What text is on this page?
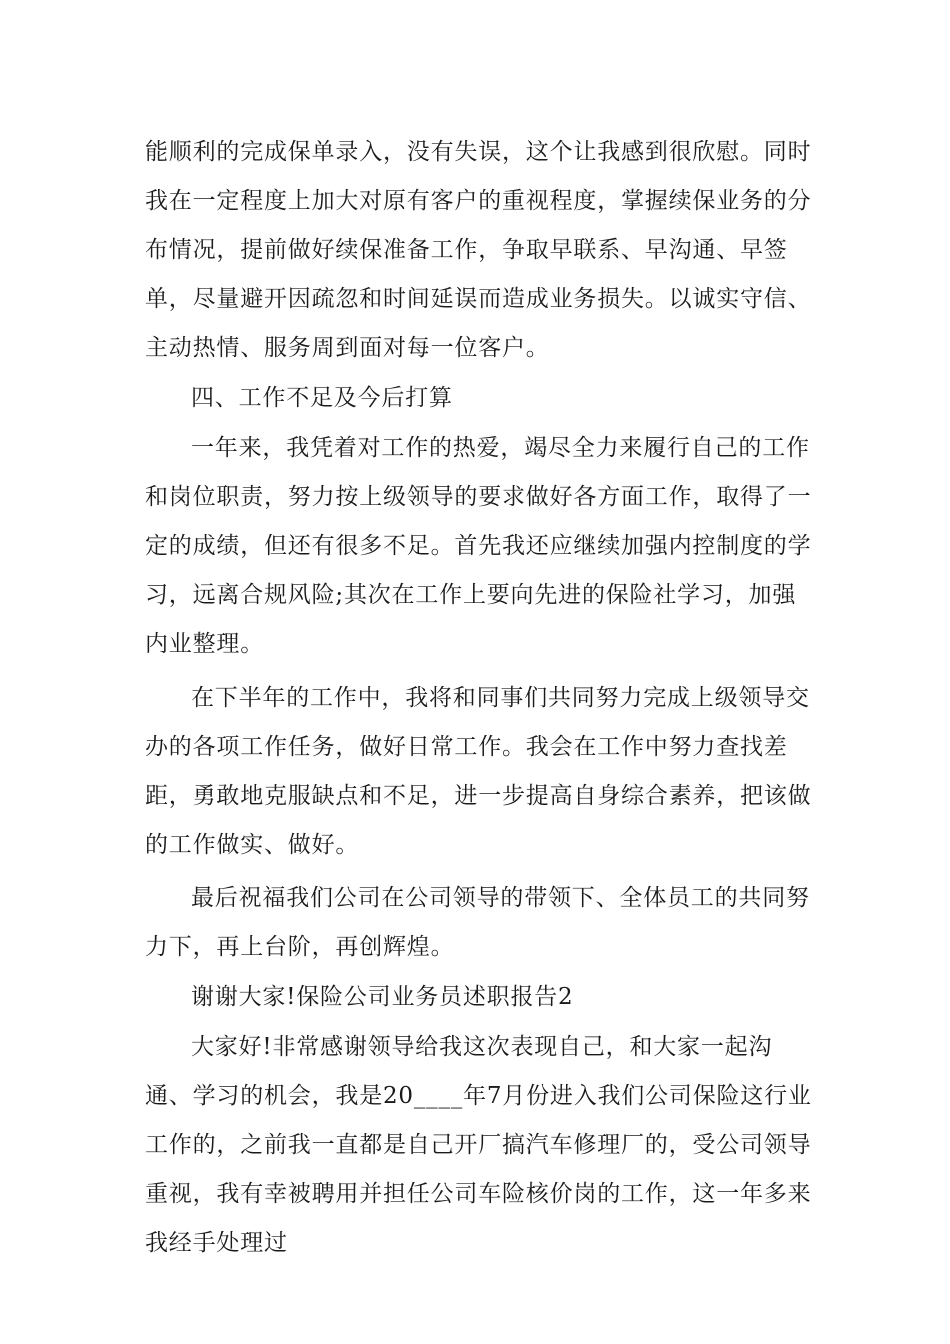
能顺利的完成保单录入，没有失误，这个让我感到很欣慰。同时我在一定程度上加大对原有客户的重视程度，掌握续保业务的分布情况，提前做好续保准备工作，争取早联系、早沟通、早签单，尽量避开因疏忽和时间延误而造成业务损失。以诚实守信、主动热情、服务周到面对每一位客户。

四、工作不足及今后打算

一年来，我凭着对工作的热爱，竭尽全力来履行自己的工作和岗位职责，努力按上级领导的要求做好各方面工作，取得了一定的成绩，但还有很多不足。首先我还应继续加强内控制度的学习，远离合规风险;其次在工作上要向先进的保险社学习，加强内业整理。

在下半年的工作中，我将和同事们共同努力完成上级领导交办的各项工作任务，做好日常工作。我会在工作中努力查找差距，勇敢地克服缺点和不足，进一步提高自身综合素养，把该做的工作做实、做好。

最后祝福我们公司在公司领导的带领下、全体员工的共同努力下，再上台阶，再创辉煌。

谢谢大家!保险公司业务员述职报告2

大家好!非常感谢领导给我这次表现自己，和大家一起沟通、学习的机会，我是20____年7月份进入我们公司保险这行业工作的，之前我一直都是自己开厂搞汽车修理厂的，受公司领导重视，我有幸被聘用并担任公司车险核价岗的工作，这一年多来我经手处理过
